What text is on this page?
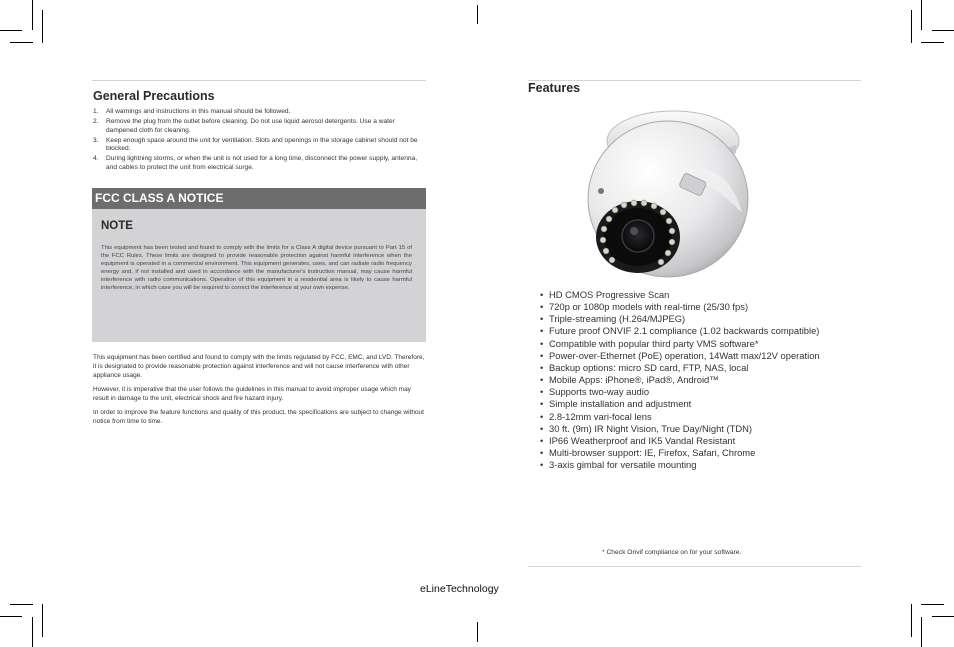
General Precautions
1. All warnings and instructions in this manual should be followed.
2. Remove the plug from the outlet before cleaning. Do not use liquid aerosol detergents. Use a water dampened cloth for cleaning.
3. Keep enough space around the unit for ventilation. Slots and openings in the storage cabinet should not be blocked.
4. During lightning storms, or when the unit is not used for a long time, disconnect the power supply, antenna, and cables to protect the unit from electrical surge.
FCC CLASS A NOTICE
NOTE

This equipment has been tested and found to comply with the limits for a Class A digital device pursuant to Part 15 of the FCC Rules. These limits are designed to provide reasonable protection against harmful interference when the equipment is operated in a commercial environment. This equipment generates, uses, and can radiate radio frequency energy and, if not installed and used in accordance with the manufacturer's instruction manual, may cause harmful interference with radio communications. Operation of this equipment in a residential area is likely to cause harmful interference, in which case you will be required to correct the interference at your own expense.

This equipment has been certified and found to comply with the limits regulated by FCC, EMC, and LVD. Therefore, it is designated to provide reasonable protection against interference and will not cause interference with other appliance usage.

However, it is imperative that the user follows the guidelines in this manual to avoid improper usage which may result in damage to the unit, electrical shock and fire hazard injury.

In order to improve the feature functions and quality of this product, the specifications are subject to change without notice from time to time.

Features
• HD CMOS Progressive Scan
• 720p or 1080p models with real-time (25/30 fps)
• Triple-streaming (H.264/MJPEG)
• Future proof ONVIF 2.1 compliance (1.02 backwards compatible)
• Compatible with popular third party VMS software*
• Power-over-Ethernet (PoE) operation, 14Watt max/12V operation
• Backup options: micro SD card, FTP, NAS, local
• Mobile Apps: iPhone®, iPad®, Android™
• Supports two-way audio
• Simple installation and adjustment
• 2.8-12mm vari-focal lens
• 30 ft. (9m) IR Night Vision, True Day/Night (TDN)
• IP66 Weatherproof and IK5 Vandal Resistant
• Multi-browser support: IE, Firefox, Safari, Chrome
• 3-axis gimbal for versatile mounting

* Check Onvif compliance on for your software.

eLineTechnology
